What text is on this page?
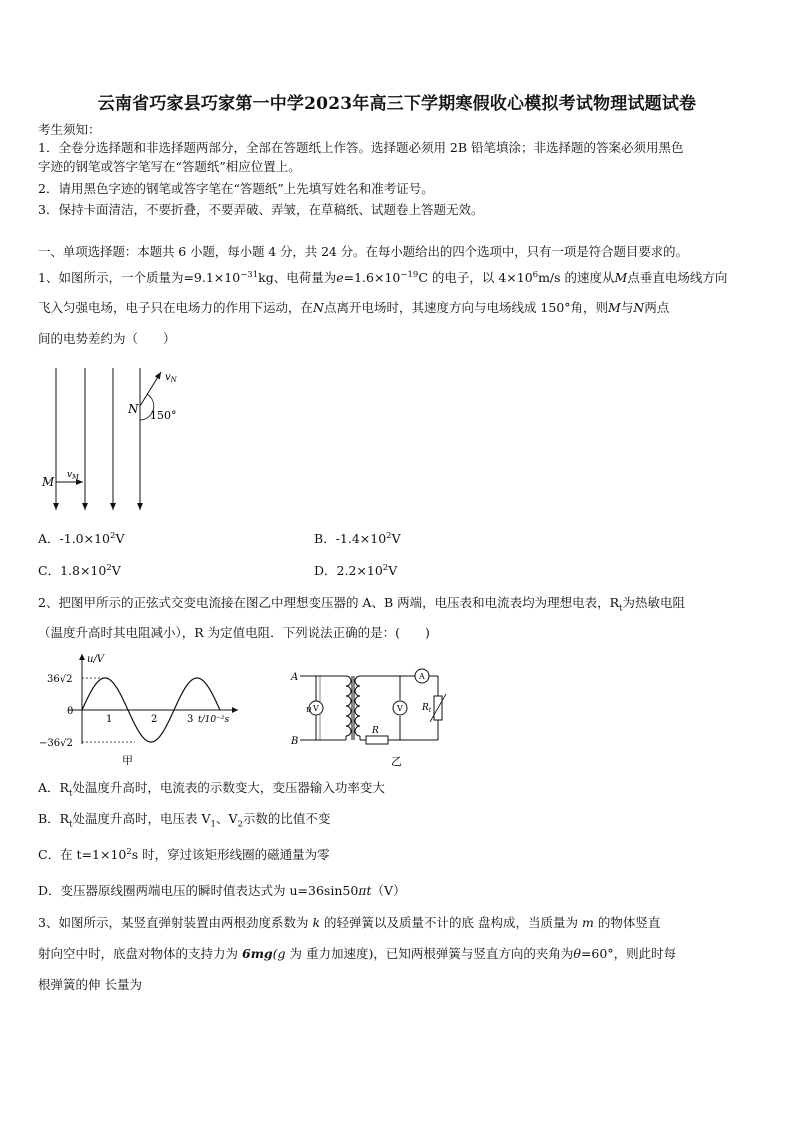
云南省巧家县巧家第一中学2023年高三下学期寒假收心模拟考试物理试题试卷
考生须知：
1．全卷分选择题和非选择题两部分，全部在答题纸上作答。选择题必须用 2B 铅笔填涂；非选择题的答案必须用黑色
字迹的钢笔或答字笔写在“答题纸”相应位置上。
2．请用黑色字迹的钢笔或答字笔在“答题纸”上先填写姓名和准考证号。
3．保持卡面清洁，不要折叠，不要弄破、弄皱，在草稿纸、试题卷上答题无效。
一、单项选择题：本题共 6 小题，每小题 4 分，共 24 分。在每小题给出的四个选项中，只有一项是符合题目要求的。
1、如图所示，一个质量为$=9.1\times 10^{-31}kg$、电荷量为$e=1.6\times 10^{-19}C$ 的电子，以 $4\times 10^6m/s$ 的速度从M点垂直电场线方向
飞入匀强电场，电子只在电场力的作用下运动，在N点离开电场时，其速度方向与电场线成 150°角，则M与N两点
间的电势差约为（　　）
$v_N$
N 150°
M $v_M$
A．$-1.0\times 10^2V$	B．$-1.4\times 10^2V$
C．$1.8\times 10^2V$	D．$2.2\times 10^2V$
2、把图甲所示的正弦式交变电流接在图乙中理想变压器的 A、B 两端，电压表和电流表均为理想电表，$R_t$为热敏电阻
（温度升高时其电阻减小），R 为定值电阻．下列说法正确的是：(　　)
u/V
36√2
0
−36√2
1	2	3 t/10⁻²s
甲
A
B
u V	V
A
R
$R_t$
乙
A．$R_t$处温度升高时，电流表的示数变大，变压器输入功率变大
B．$R_t$处温度升高时，电压表 $V_1$、$V_2$示数的比值不变
C．在 $t=1\times 10^2s$ 时，穿过该矩形线圈的磁通量为零
D．变压器原线圈两端电压的瞬时值表达式为 u=36sin50πt（V）
3、如图所示，某竖直弹射装置由两根劲度系数为 k 的轻弹簧以及质量不计的底 盘构成，当质量为 m 的物体竖直
射向空中时，底盘对物体的支持力为 6mg(g 为 重力加速度)，已知两根弹簧与竖直方向的夹角为θ=60°，则此时每
根弹簧的伸 长量为
